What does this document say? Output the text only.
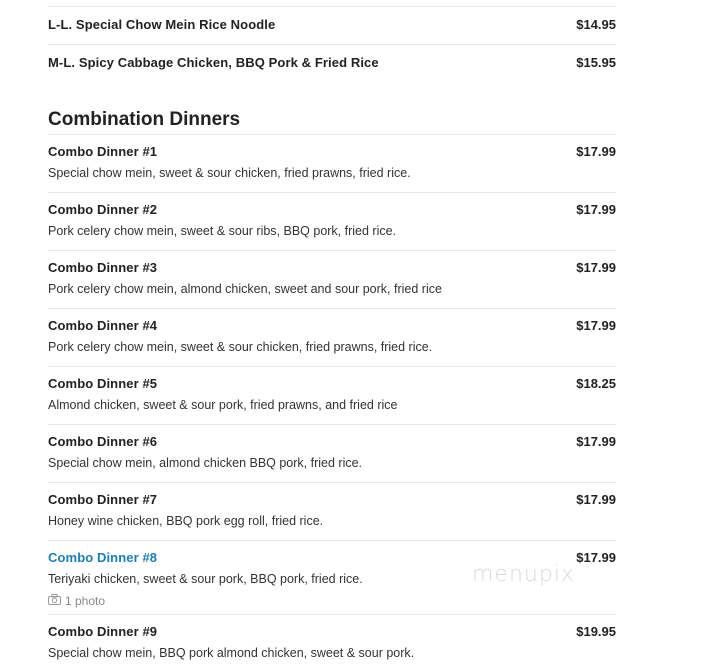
L-L. Special Chow Mein Rice Noodle	$14.95
M-L. Spicy Cabbage Chicken, BBQ Pork & Fried Rice	$15.95
Combination Dinners
Combo Dinner #1	$17.99
Special chow mein, sweet & sour chicken, fried prawns, fried rice.
Combo Dinner #2	$17.99
Pork celery chow mein, sweet & sour ribs, BBQ pork, fried rice.
Combo Dinner #3	$17.99
Pork celery chow mein, almond chicken, sweet and sour pork, fried rice
Combo Dinner #4	$17.99
Pork celery chow mein, sweet & sour chicken, fried prawns, fried rice.
Combo Dinner #5	$18.25
Almond chicken, sweet & sour pork, fried prawns, and fried rice
Combo Dinner #6	$17.99
Special chow mein, almond chicken BBQ pork, fried rice.
Combo Dinner #7	$17.99
Honey wine chicken, BBQ pork egg roll, fried rice.
Combo Dinner #8	$17.99
Teriyaki chicken, sweet & sour pork, BBQ pork, fried rice.
1 photo
Combo Dinner #9	$19.95
Special chow mein, BBQ pork almond chicken, sweet & sour pork.
menupix
